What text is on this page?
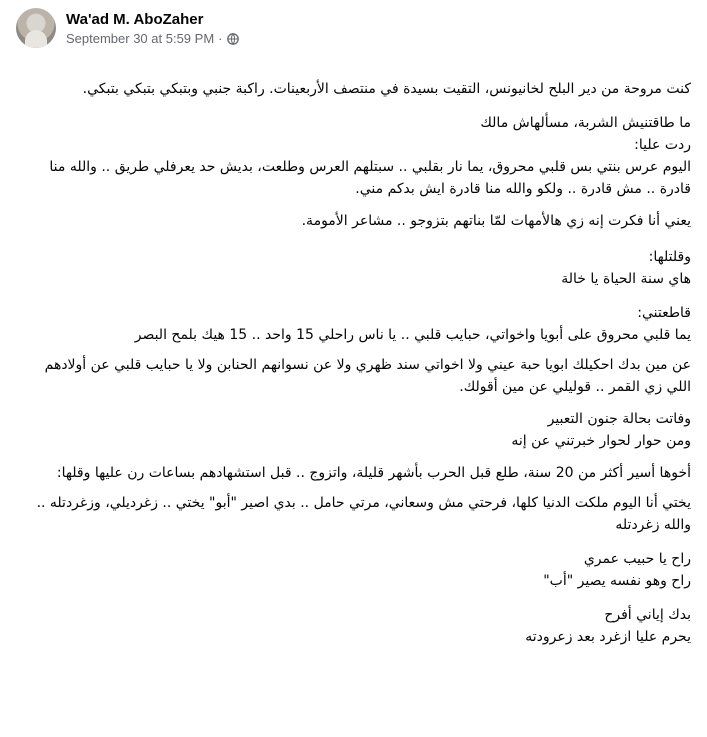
Wa'ad M. AboZaher
September 30 at 5:59 PM ·

كنت مروحة من دير البلح لخانيونس، التقيت بسيدة في منتصف الأربعينات. راكبة جنبي وبتبكي بتبكي بتبكي.

ما طاقتنيش الشربة، مسألهاش مالك
ردت عليا:
اليوم عرس بنتي بس قلبي محروق، يما نار بقلبي .. سبتلهم العرس وطلعت، بديش حد يعرفلي طريق .. والله منا قادرة .. مش قادرة .. ولكو والله منا قادرة ايش بدكم مني.

يعني أنا فكرت إنه زي هالأمهات لمّا بناتهم بتزوجو .. مشاعر الأمومة.

وقلتلها:
هاي سنة الحياة يا خالة

قاطعتني:
يما قلبي محروق على أبويا واخواتي، حبايب قلبي .. يا ناس راحلي 15 واحد .. 15 هيك بلمح البصر

عن مين بدك احكيلك ابويا حبة عيني ولا اخواتي سند ظهري ولا عن نسوانهم الحنابن ولا يا حبايب قلبي عن أولادهم اللي زي القمر .. قوليلي عن مين أقولك.

وفاتت بحالة جنون التعبير
ومن حوار لحوار خبرتني عن إنه

أخوها أسير أكثر من 20 سنة، طلع قبل الحرب بأشهر قليلة، واتزوج .. قبل استشهادهم بساعات رن عليها وقلها:

يختي أنا اليوم ملكت الدنيا كلها، فرحتي مش وسعاني، مرتي حامل .. بدي اصير "أبو" يختي .. زغرديلي، وزغردتله .. والله زغردتله

راح يا حبيب عمري
راح وهو نفسه يصير "أب"

بدك إياني أفرح
يحرم عليا ازغرد بعد زعرودته
